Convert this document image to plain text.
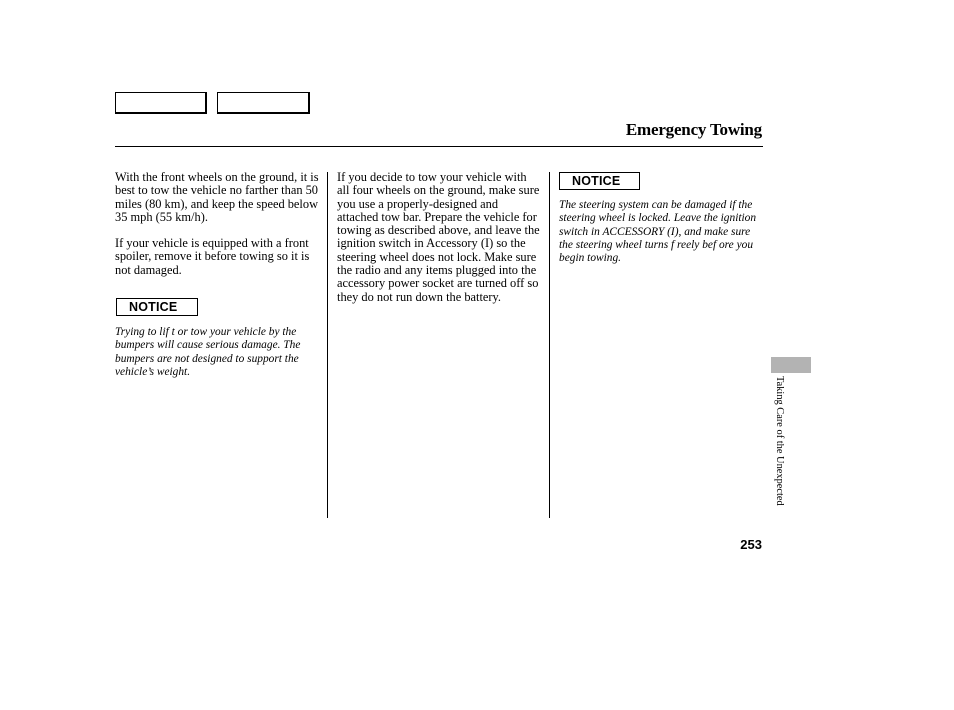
Emergency Towing

With the front wheels on the ground, it is best to tow the vehicle no farther than 50 miles (80 km), and keep the speed below 35 mph (55 km/h).

If your vehicle is equipped with a front spoiler, remove it before towing so it is not damaged.

NOTICE

Trying to lif t or tow your vehicle by the bumpers will cause serious damage. The bumpers are not designed to support the vehicle’s weight.

If you decide to tow your vehicle with all four wheels on the ground, make sure you use a properly-designed and attached tow bar. Prepare the vehicle for towing as described above, and leave the ignition switch in Accessory (I) so the steering wheel does not lock. Make sure the radio and any items plugged into the accessory power socket are turned off so they do not run down the battery.

NOTICE

The steering system can be damaged if the steering wheel is locked. Leave the ignition switch in ACCESSORY (I), and make sure the steering wheel turns f reely bef ore you begin towing.

Taking Care of the Unexpected
253
